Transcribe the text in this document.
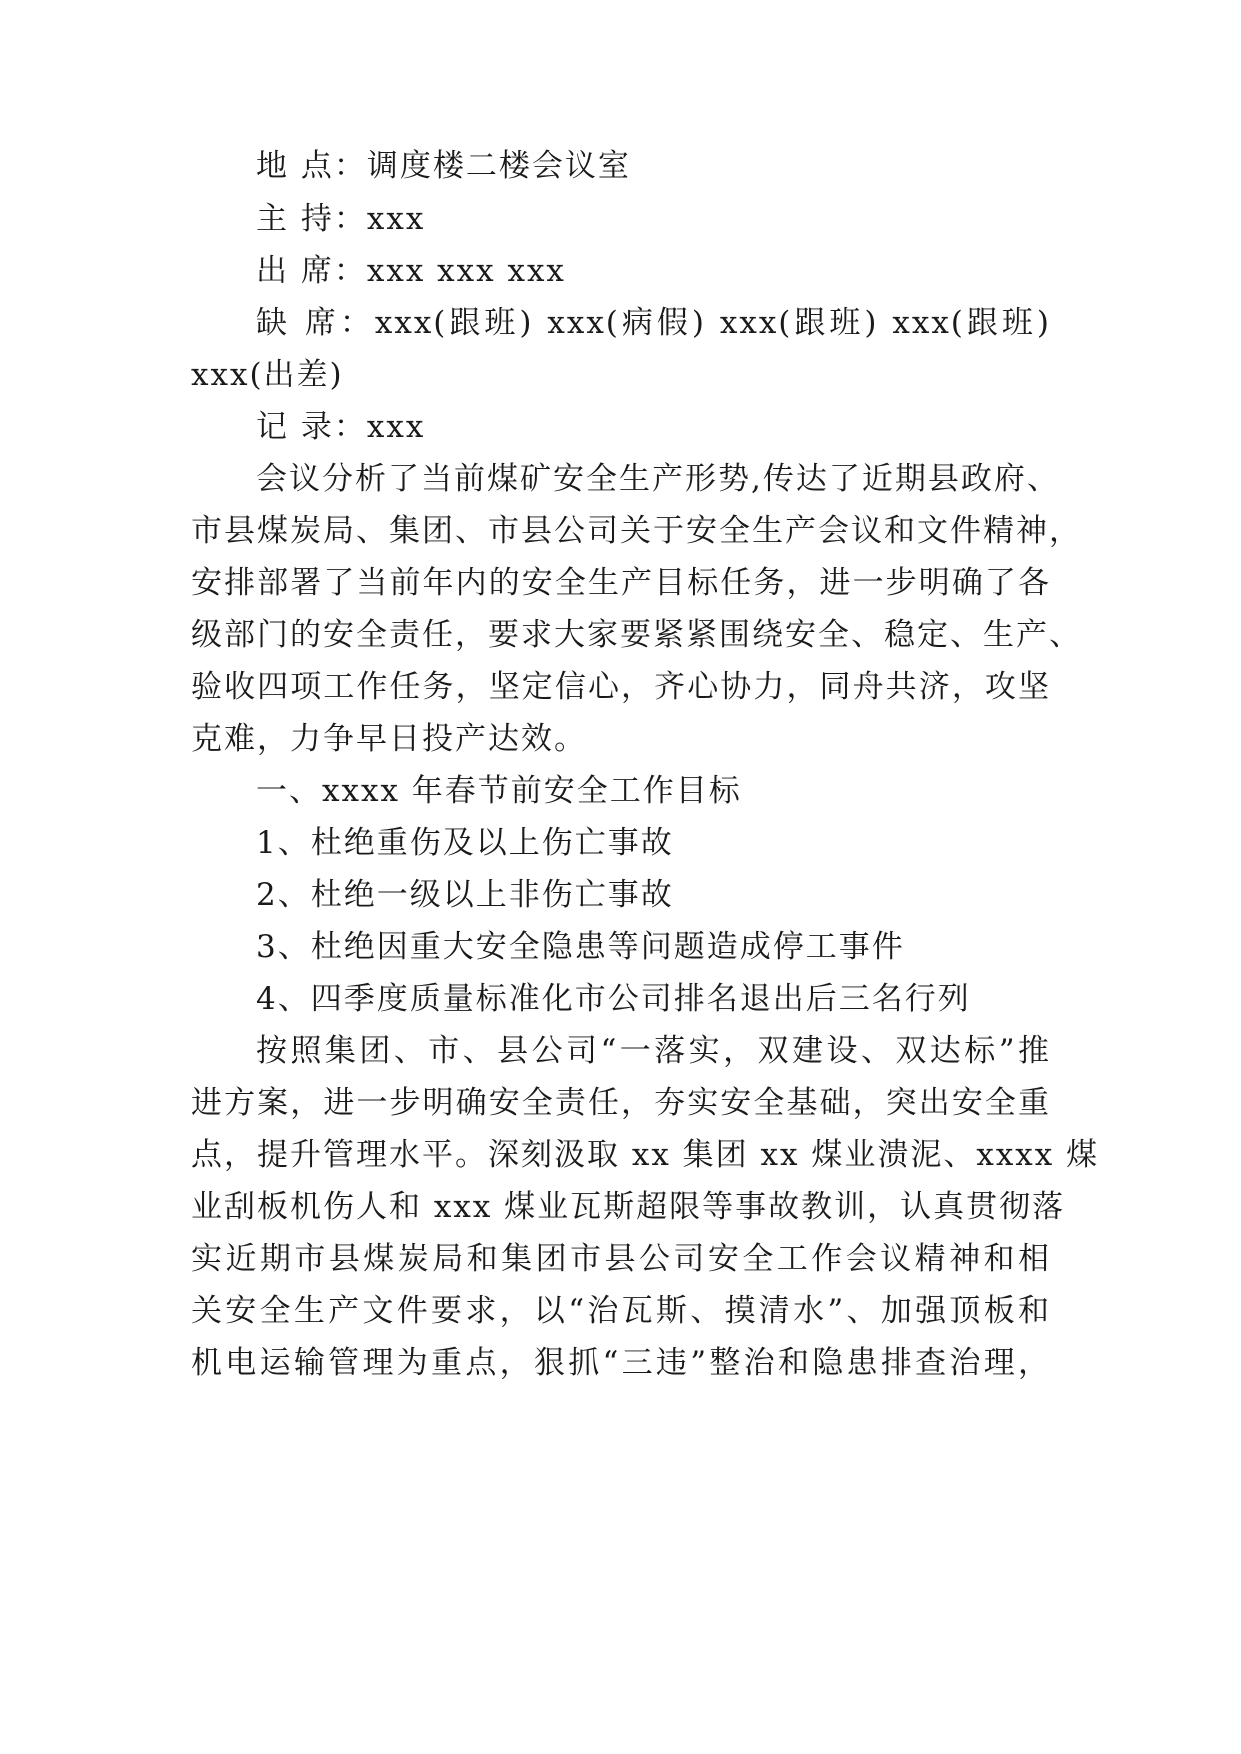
地 点：调度楼二楼会议室
主 持：xxx
出 席：xxx xxx xxx
缺 席：xxx(跟班) xxx(病假) xxx(跟班) xxx(跟班)
xxx(出差)
记 录：xxx
会议分析了当前煤矿安全生产形势,传达了近期县政府、
市县煤炭局、集团、市县公司关于安全生产会议和文件精神，
安排部署了当前年内的安全生产目标任务，进一步明确了各
级部门的安全责任，要求大家要紧紧围绕安全、稳定、生产、
验收四项工作任务，坚定信心，齐心协力，同舟共济，攻坚
克难，力争早日投产达效。
一、xxxx 年春节前安全工作目标
1、杜绝重伤及以上伤亡事故
2、杜绝一级以上非伤亡事故
3、杜绝因重大安全隐患等问题造成停工事件
4、四季度质量标准化市公司排名退出后三名行列
按照集团、市、县公司“一落实，双建设、双达标”推
进方案，进一步明确安全责任，夯实安全基础，突出安全重
点，提升管理水平。深刻汲取 xx 集团 xx 煤业溃泥、xxxx 煤
业刮板机伤人和 xxx 煤业瓦斯超限等事故教训，认真贯彻落
实近期市县煤炭局和集团市县公司安全工作会议精神和相
关安全生产文件要求，以“治瓦斯、摸清水”、加强顶板和
机电运输管理为重点，狠抓“三违”整治和隐患排查治理，
